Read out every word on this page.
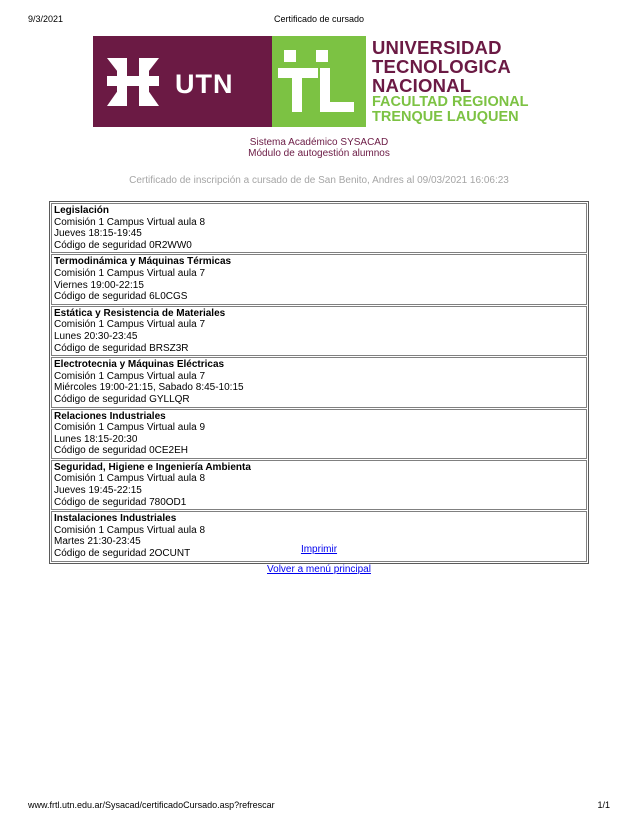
9/3/2021	Certificado de cursado
UTN
UNIVERSIDAD
TECNOLOGICA
NACIONAL
FACULTAD REGIONAL
TRENQUE LAUQUEN
Sistema Académico SYSACAD
Módulo de autogestión alumnos
Certificado de inscripción a cursado de de San Benito, Andres al 09/03/2021 16:06:23
Legislación
Comisión 1 Campus Virtual aula 8
Jueves 18:15-19:45
Código de seguridad 0R2WW0
Termodinámica y Máquinas Térmicas
Comisión 1 Campus Virtual aula 7
Viernes 19:00-22:15
Código de seguridad 6L0CGS
Estática y Resistencia de Materiales
Comisión 1 Campus Virtual aula 7
Lunes 20:30-23:45
Código de seguridad BRSZ3R
Electrotecnia y Máquinas Eléctricas
Comisión 1 Campus Virtual aula 7
Miércoles 19:00-21:15, Sabado 8:45-10:15
Código de seguridad GYLLQR
Relaciones Industriales
Comisión 1 Campus Virtual aula 9
Lunes 18:15-20:30
Código de seguridad 0CE2EH
Seguridad, Higiene e Ingeniería Ambienta
Comisión 1 Campus Virtual aula 8
Jueves 19:45-22:15
Código de seguridad 780OD1
Instalaciones Industriales
Comisión 1 Campus Virtual aula 8
Martes 21:30-23:45
Código de seguridad 2OCUNT	Imprimir
Volver a menú principal
www.frtl.utn.edu.ar/Sysacad/certificadoCursado.asp?refrescar	1/1
